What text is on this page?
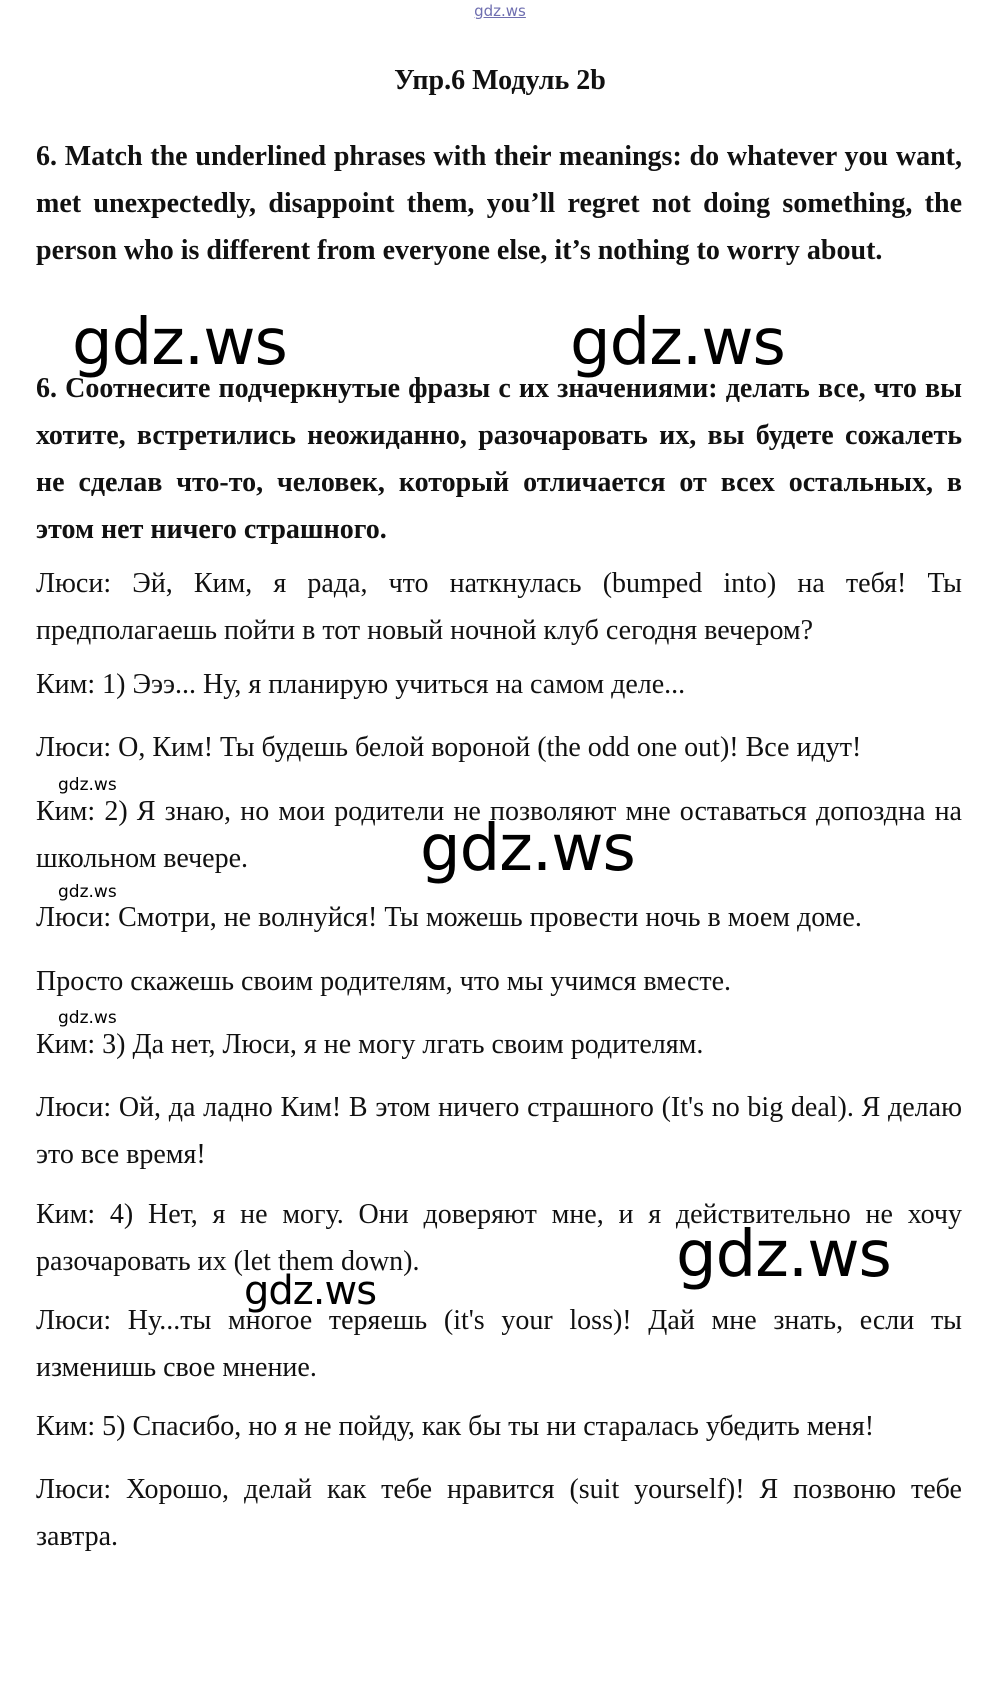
gdz.ws
Упр.6 Модуль 2b
6. Match the underlined phrases with their meanings: do whatever you want, met unexpectedly, disappoint them, you’ll regret not doing something, the person who is different from everyone else, it’s nothing to worry about.
6. Соотнесите подчеркнутые фразы с их значениями: делать все, что вы хотите, встретились неожиданно, разочаровать их, вы будете сожалеть не сделав что-то, человек, который отличается от всех остальных, в этом нет ничего страшного.
Люси: Эй, Ким, я рада, что наткнулась (bumped into) на тебя! Ты предполагаешь пойти в тот новый ночной клуб сегодня вечером?
Ким: 1) Эээ... Ну, я планирую учиться на самом деле...
Люси: О, Ким! Ты будешь белой вороной (the odd one out)! Все идут!
Ким: 2) Я знаю, но мои родители не позволяют мне оставаться допоздна на школьном вечере.
Люси: Смотри, не волнуйся! Ты можешь провести ночь в моем доме.
Просто скажешь своим родителям, что мы учимся вместе.
Ким: 3) Да нет, Люси, я не могу лгать своим родителям.
Люси: Ой, да ладно Ким! В этом ничего страшного (It's no big deal). Я делаю это все время!
Ким: 4) Нет, я не могу. Они доверяют мне, и я действительно не хочу разочаровать их (let them down).
Люси: Ну...ты многое теряешь (it's your loss)! Дай мне знать, если ты изменишь свое мнение.
Ким: 5) Спасибо, но я не пойду, как бы ты ни старалась убедить меня!
Люси: Хорошо, делай как тебе нравится (suit yourself)! Я позвоню тебе завтра.
gdz.ws	gdz.ws
gdz.ws
gdz.ws
gdz.ws
gdz.ws
gdz.ws
gdz.ws
